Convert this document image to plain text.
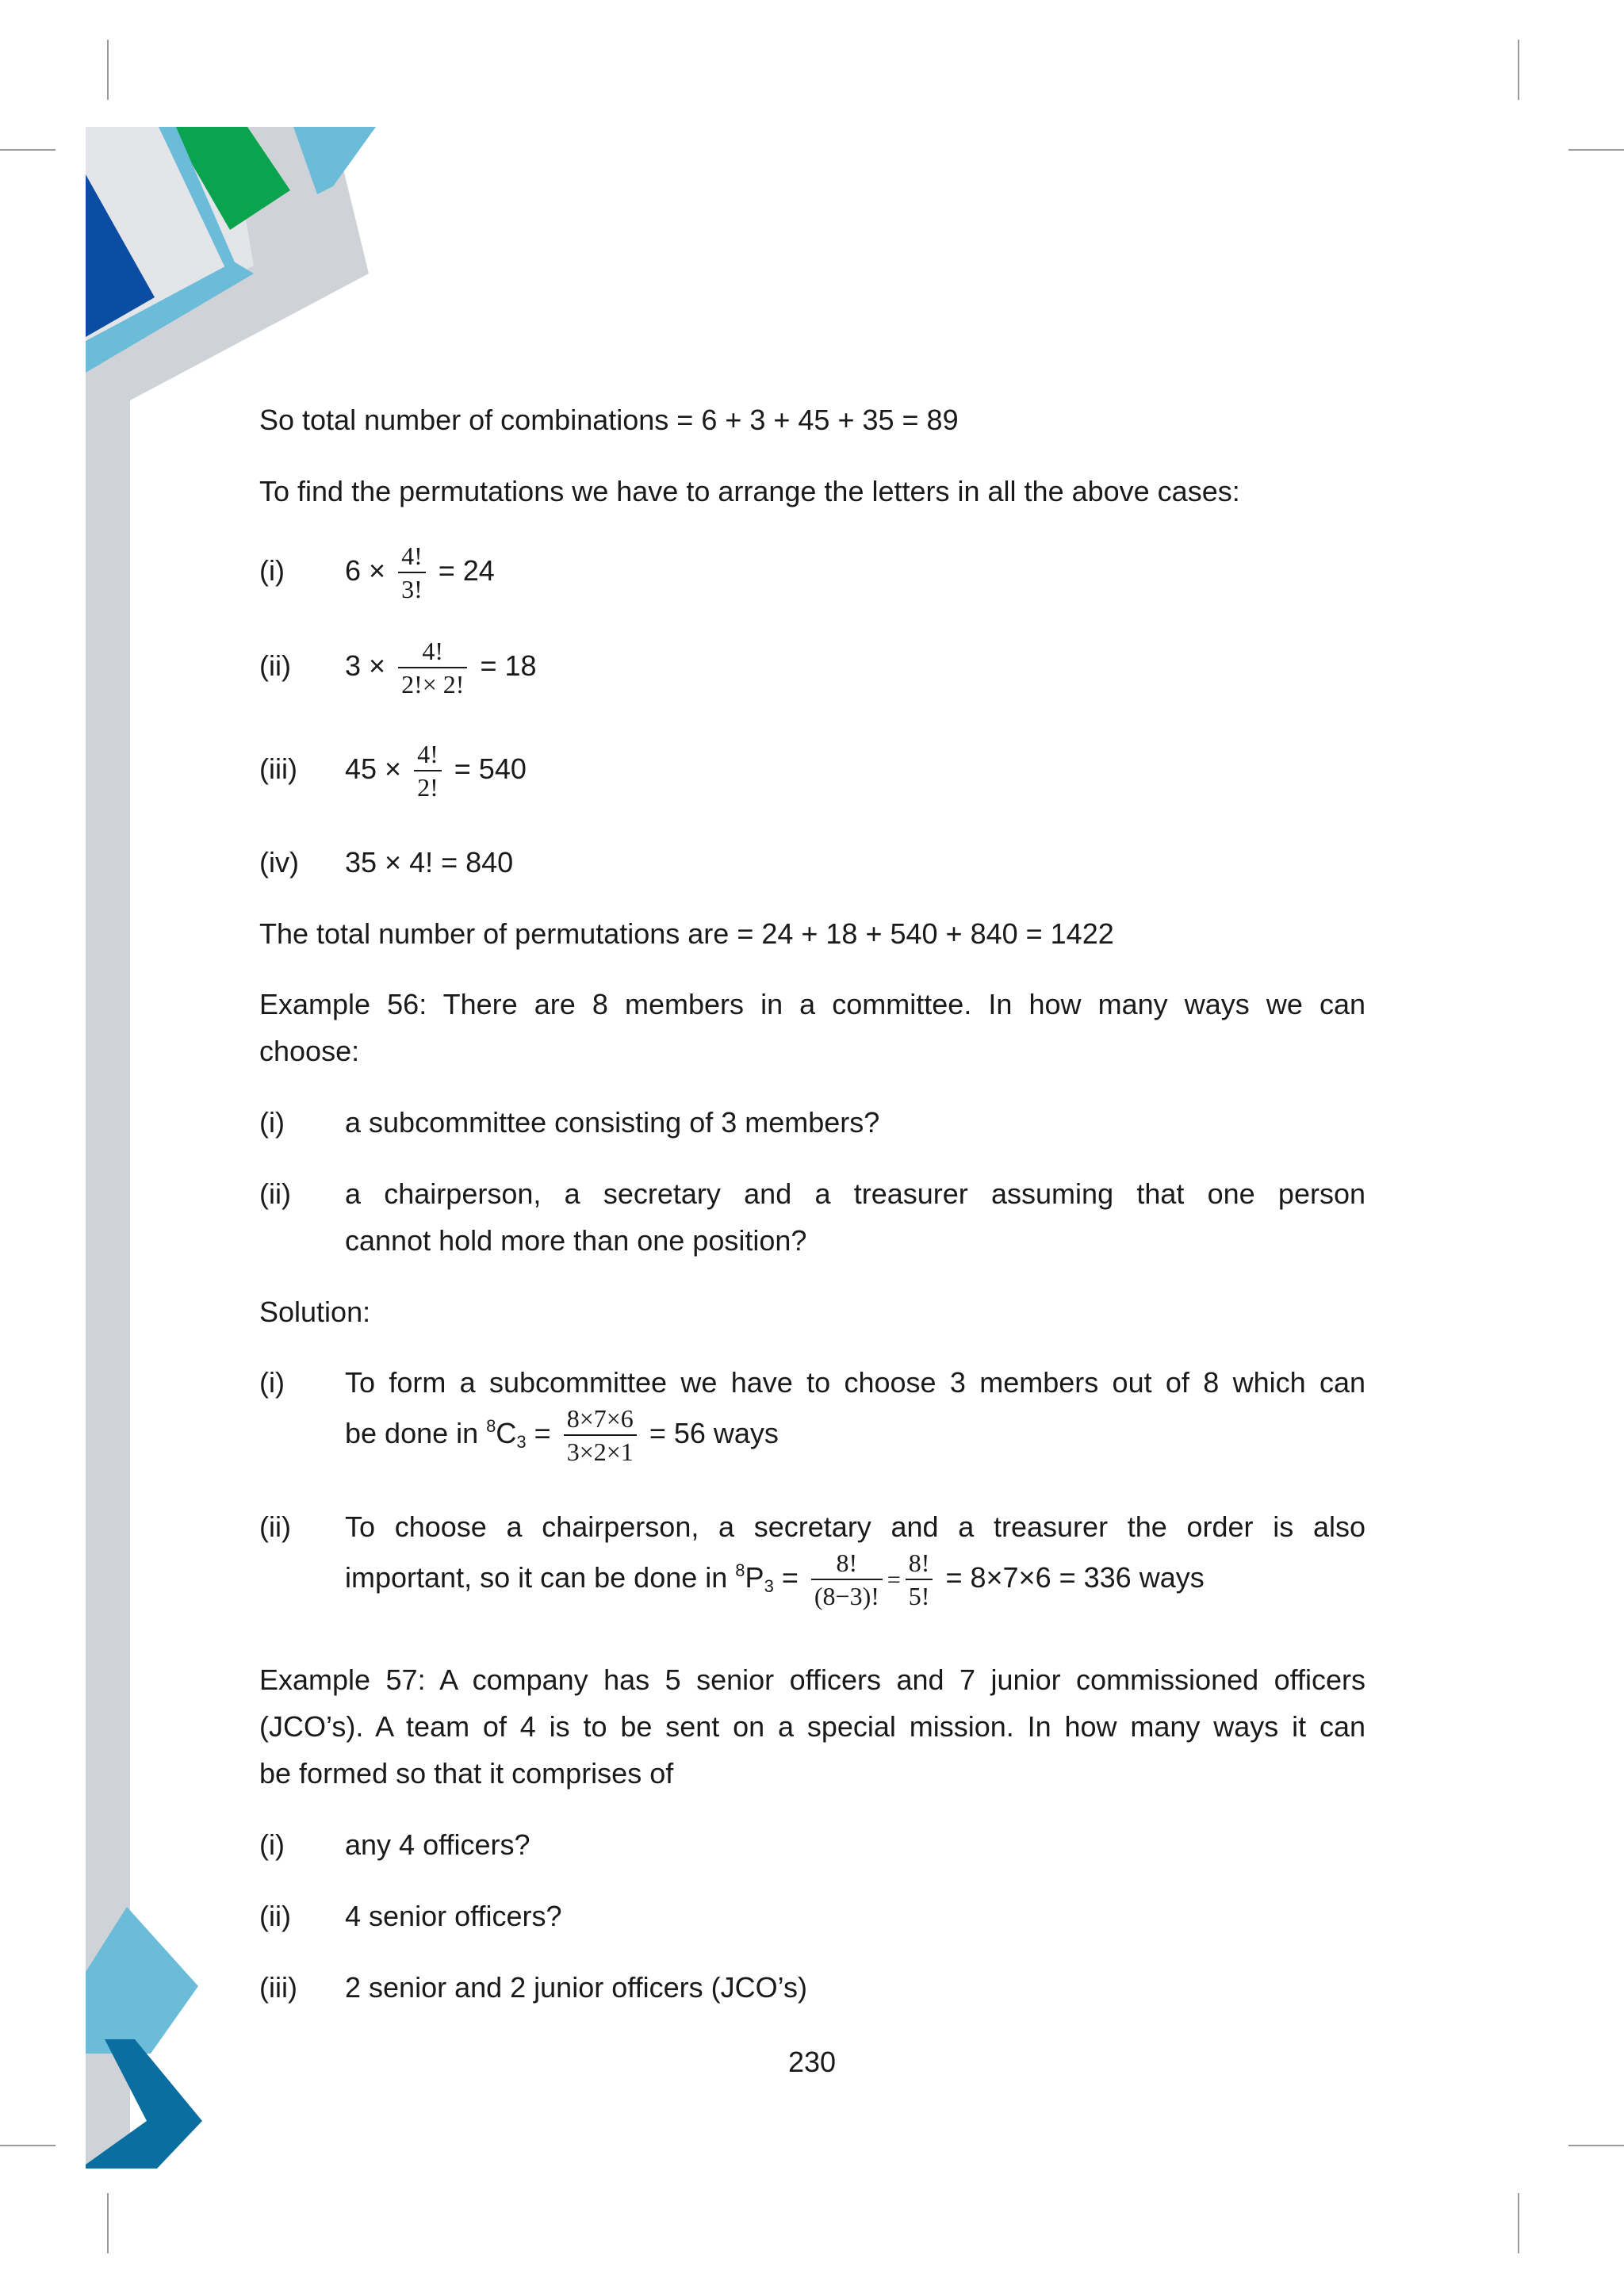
So total number of combinations = 6 + 3 + 45 + 35 = 89
To find the permutations we have to arrange the letters in all the above cases:
(i) $6 \times \frac{4!}{3!} = 24$
(ii) $3 \times \frac{4!}{2!\times 2!} = 18$
(iii) $45 \times \frac{4!}{2!} = 540$
(iv) 35 × 4! = 840
The total number of permutations are = 24 + 18 + 540 + 840 = 1422
Example 56: There are 8 members in a committee. In how many ways we can
choose:
(i) a subcommittee consisting of 3 members?
(ii) a chairperson, a secretary and a treasurer assuming that one person
cannot hold more than one position?
Solution:
(i) To form a subcommittee we have to choose 3 members out of 8 which can
be done in $^8C_3 = \frac{8\times 7\times 6}{3\times 2\times 1} = 56$ ways
(ii) To choose a chairperson, a secretary and a treasurer the order is also
important, so it can be done in $^8P_3 = \frac{8!}{(8-3)!} = \frac{8!}{5!} = 8\times 7\times 6 = 336$ ways
Example 57: A company has 5 senior officers and 7 junior commissioned officers
(JCO’s). A team of 4 is to be sent on a special mission. In how many ways it can
be formed so that it comprises of
(i) any 4 officers?
(ii) 4 senior officers?
(iii) 2 senior and 2 junior officers (JCO’s)
230
